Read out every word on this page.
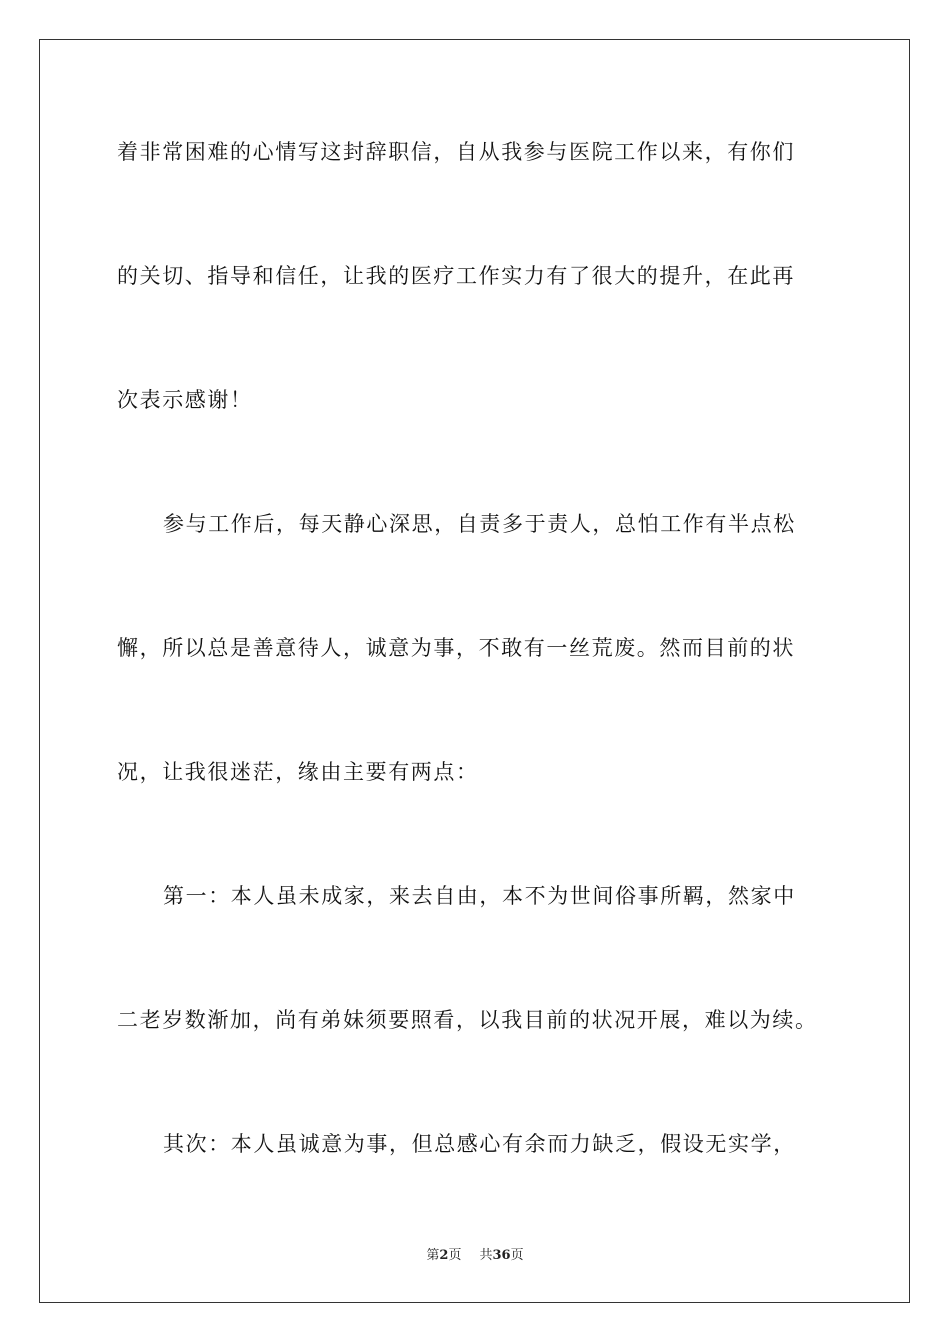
着非常困难的心情写这封辞职信，自从我参与医院工作以来，有你们
的关切、指导和信任，让我的医疗工作实力有了很大的提升，在此再
次表示感谢！
参与工作后，每天静心深思，自责多于责人，总怕工作有半点松
懈，所以总是善意待人，诚意为事，不敢有一丝荒废。然而目前的状
况，让我很迷茫，缘由主要有两点：
第一：本人虽未成家，来去自由，本不为世间俗事所羁，然家中
二老岁数渐加，尚有弟妹须要照看，以我目前的状况开展，难以为续。
其次：本人虽诚意为事，但总感心有余而力缺乏，假设无实学，
第2页 共36页
